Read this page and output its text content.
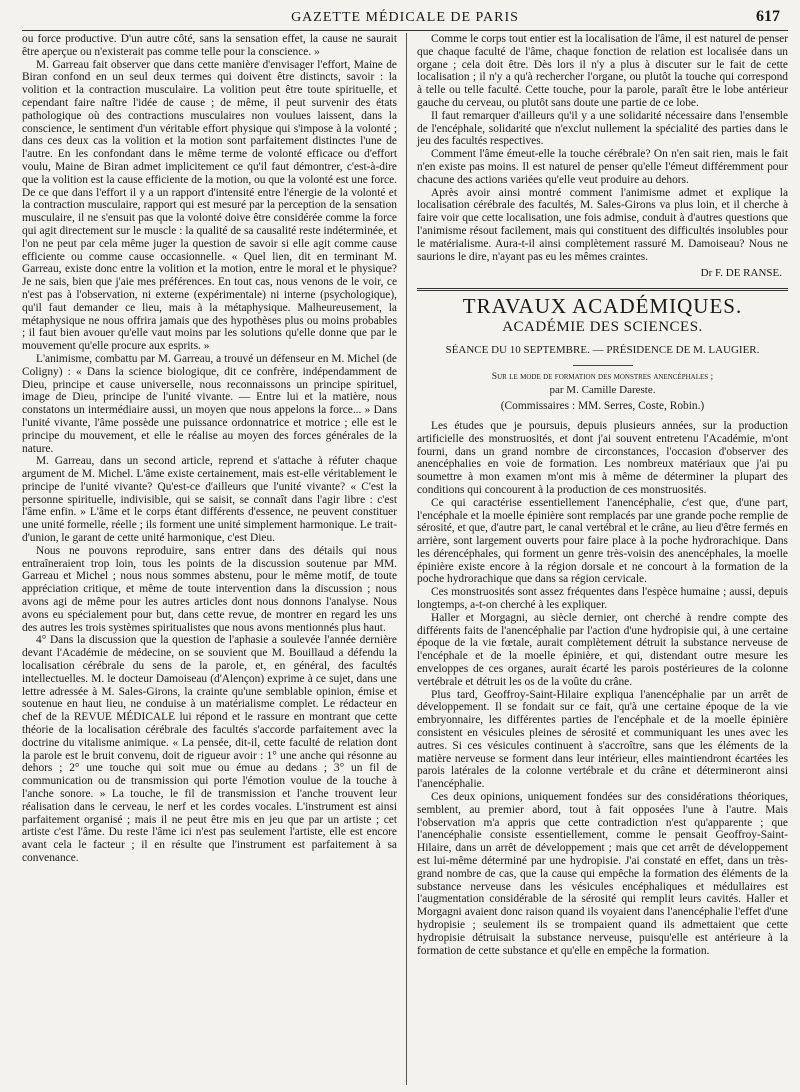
GAZETTE MÉDICALE DE PARIS	617

ou force productive. D'un autre côté, sans la sensation effet, la cause ne saurait être aperçue ou n'existerait pas comme telle pour la conscience. »

M. Garreau fait observer que dans cette manière d'envisager l'effort, Maine de Biran confond en un seul deux termes qui doivent être distincts, savoir : la volition et la contraction musculaire. La volition peut être toute spirituelle, et cependant faire naître l'idée de cause ; de même, il peut survenir des états pathologique où des contractions musculaires non voulues laissent, dans la conscience, le sentiment d'un véritable effort physique qui s'impose à la volonté ; dans ces deux cas la volition et la motion sont parfaitement distinctes l'une de l'autre. En les confondant dans le même terme de volonté efficace ou d'effort voulu, Maine de Biran admet implicitement ce qu'il faut démontrer, c'est-à-dire que la volition est la cause efficiente de la motion, ou que la volonté est une force. De ce que dans l'effort il y a un rapport d'intensité entre l'énergie de la volonté et la contraction musculaire, rapport qui est mesuré par la perception de la sensation musculaire, il ne s'ensuit pas que la volonté doive être considérée comme la force qui agit directement sur le muscle : la qualité de sa causalité reste indéterminée, et l'on ne peut par cela même juger la question de savoir si elle agit comme cause efficiente ou comme cause occasionnelle. « Quel lien, dit en terminant M. Garreau, existe donc entre la volition et la motion, entre le moral et le physique? Je ne sais, bien que j'aie mes préférences. En tout cas, nous venons de le voir, ce n'est pas à l'observation, ni externe (expérimentale) ni interne (psychologique), qu'il faut demander ce lieu, mais à la métaphysique. Malheureusement, la métaphysique ne nous offrira jamais que des hypothèses plus ou moins probables ; il faut bien avouer qu'elle vaut moins par les solutions qu'elle donne que par le mouvement qu'elle procure aux esprits. »

L'animisme, combattu par M. Garreau, a trouvé un défenseur en M. Michel (de Coligny) : « Dans la science biologique, dit ce confrère, indépendamment de Dieu, principe et cause universelle, nous reconnaissons un principe spirituel, image de Dieu, principe de l'unité vivante. — Entre lui et la matière, nous constatons un intermédiaire aussi, un moyen que nous appelons la force... » Dans l'unité vivante, l'âme possède une puissance ordonnatrice et motrice ; elle est le principe du mouvement, et elle le réalise au moyen des forces générales de la nature.

M. Garreau, dans un second article, reprend et s'attache à réfuter chaque argument de M. Michel. L'âme existe certainement, mais est-elle véritablement le principe de l'unité vivante? Qu'est-ce d'ailleurs que l'unité vivante? « C'est la personne spirituelle, indivisible, qui se saisit, se connaît dans l'agir libre : c'est l'âme enfin. » L'âme et le corps étant différents d'essence, ne peuvent constituer une unité formelle, réelle ; ils forment une unité simplement harmonique. Le trait-d'union, le garant de cette unité harmonique, c'est Dieu.

Nous ne pouvons reproduire, sans entrer dans des détails qui nous entraîneraient trop loin, tous les points de la discussion soutenue par MM. Garreau et Michel ; nous nous sommes abstenu, pour le même motif, de toute appréciation critique, et même de toute intervention dans la discussion ; nous avons agi de même pour les autres articles dont nous donnons l'analyse. Nous avons eu spécialement pour but, dans cette revue, de montrer en regard les uns des autres les trois systèmes spiritualistes que nous avons mentionnés plus haut.

4° Dans la discussion que la question de l'aphasie a soulevée l'année dernière devant l'Académie de médecine, on se souvient que M. Bouillaud a défendu la localisation cérébrale du sens de la parole, et, en général, des facultés intellectuelles. M. le docteur Damoiseau (d'Alençon) exprime à ce sujet, dans une lettre adressée à M. Sales-Girons, la crainte qu'une semblable opinion, émise et soutenue en haut lieu, ne conduise à un matérialisme complet. Le rédacteur en chef de la REVUE MÉDICALE lui répond et le rassure en montrant que cette théorie de la localisation cérébrale des facultés s'accorde parfaitement avec la doctrine du vitalisme animique. « La pensée, dit-il, cette faculté de relation dont la parole est le bruit convenu, doit de rigueur avoir : 1° une anche qui résonne au dehors ; 2° une touche qui soit mue ou émue au dedans ; 3° un fil de communication ou de transmission qui porte l'émotion voulue de la touche à l'anche sonore. » La touche, le fil de transmission et l'anche trouvent leur réalisation dans le cerveau, le nerf et les cordes vocales. L'instrument est ainsi parfaitement organisé ; mais il ne peut être mis en jeu que par un artiste ; cet artiste c'est l'âme. Du reste l'âme ici n'est pas seulement l'artiste, elle est encore avant cela le facteur ; il en résulte que l'instrument est parfaitement à sa convenance.

Comme le corps tout entier est la localisation de l'âme, il est naturel de penser que chaque faculté de l'âme, chaque fonction de relation est localisée dans un organe ; cela doit être. Dès lors il n'y a plus à discuter sur le fait de cette localisation ; il n'y a qu'à rechercher l'organe, ou plutôt la touche qui correspond à telle ou telle faculté. Cette touche, pour la parole, paraît être le lobe antérieur gauche du cerveau, ou plutôt sans doute une partie de ce lobe.

Il faut remarquer d'ailleurs qu'il y a une solidarité nécessaire dans l'ensemble de l'encéphale, solidarité que n'exclut nullement la spécialité des parties dans le jeu des facultés respectives.

Comment l'âme émeut-elle la touche cérébrale? On n'en sait rien, mais le fait n'en existe pas moins. Il est naturel de penser qu'elle l'émeut différemment pour chacune des actions variées qu'elle veut produire au dehors.

Après avoir ainsi montré comment l'animisme admet et explique la localisation cérébrale des facultés, M. Sales-Girons va plus loin, et il cherche à faire voir que cette localisation, une fois admise, conduit à d'autres questions que l'animisme résout facilement, mais qui constituent des difficultés insolubles pour le matérialisme. Aura-t-il ainsi complètement rassuré M. Damoiseau? Nous ne saurions le dire, n'ayant pas eu les mêmes craintes.

Dr F. DE RANSE.
TRAVAUX ACADÉMIQUES.
ACADÉMIE DES SCIENCES.
SÉANCE DU 10 SEPTEMBRE. — PRÉSIDENCE DE M. LAUGIER.
Sur le mode de formation des monstres anencéphales ;
par M. Camille Dareste.
(Commissaires : MM. Serres, Coste, Robin.)

Les études que je poursuis, depuis plusieurs années, sur la production artificielle des monstruosités, et dont j'ai souvent entretenu l'Académie, m'ont fourni, dans un grand nombre de circonstances, l'occasion d'observer des anencéphalies en voie de formation. Les nombreux matériaux que j'ai pu soumettre à mon examen m'ont mis à même de déterminer la plupart des conditions qui concourent à la production de ces monstruosités.

Ce qui caractérise essentiellement l'anencéphalie, c'est que, d'une part, l'encéphale et la moelle épinière sont remplacés par une grande poche remplie de sérosité, et que, d'autre part, le canal vertébral et le crâne, au lieu d'être fermés en arrière, sont largement ouverts pour faire place à la poche hydrorachique. Dans les dérencéphales, qui forment un genre très-voisin des anencéphales, la moelle épinière existe encore à la région dorsale et ne concourt à la formation de la poche hydrorachique que dans sa région cervicale.

Ces monstruosités sont assez fréquentes dans l'espèce humaine ; aussi, depuis longtemps, a-t-on cherché à les expliquer.

Haller et Morgagni, au siècle dernier, ont cherché à rendre compte des différents faits de l'anencéphalie par l'action d'une hydropisie qui, à une certaine époque de la vie fœtale, aurait complètement détruit la substance nerveuse de l'encéphale et de la moelle épinière, et qui, distendant outre mesure les enveloppes de ces organes, aurait écarté les parois postérieures de la colonne vertébrale et détruit les os de la voûte du crâne.

Plus tard, Geoffroy-Saint-Hilaire expliqua l'anencéphalie par un arrêt de développement. Il se fondait sur ce fait, qu'à une certaine époque de la vie embryonnaire, les différentes parties de l'encéphale et de la moelle épinière consistent en vésicules pleines de sérosité et communiquant les unes avec les autres. Si ces vésicules continuent à s'accroître, sans que les éléments de la matière nerveuse se forment dans leur intérieur, elles maintiendront écartées les parois latérales de la colonne vertébrale et du crâne et détermineront ainsi l'anencéphalie.

Ces deux opinions, uniquement fondées sur des considérations théoriques, semblent, au premier abord, tout à fait opposées l'une à l'autre. Mais l'observation m'a appris que cette contradiction n'est qu'apparente ; que l'anencéphalie consiste essentiellement, comme le pensait Geoffroy-Saint-Hilaire, dans un arrêt de développement ; mais que cet arrêt de développement est lui-même déterminé par une hydropisie. J'ai constaté en effet, dans un très-grand nombre de cas, que la cause qui empêche la formation des éléments de la substance nerveuse dans les vésicules encéphaliques et médullaires est l'augmentation considérable de la sérosité qui remplit leurs cavités. Haller et Morgagni avaient donc raison quand ils voyaient dans l'anencéphalie l'effet d'une hydropisie ; seulement ils se trompaient quand ils admettaient que cette hydropisie détruisait la substance nerveuse, puisqu'elle est antérieure à la formation de cette substance et qu'elle en empêche la formation.
